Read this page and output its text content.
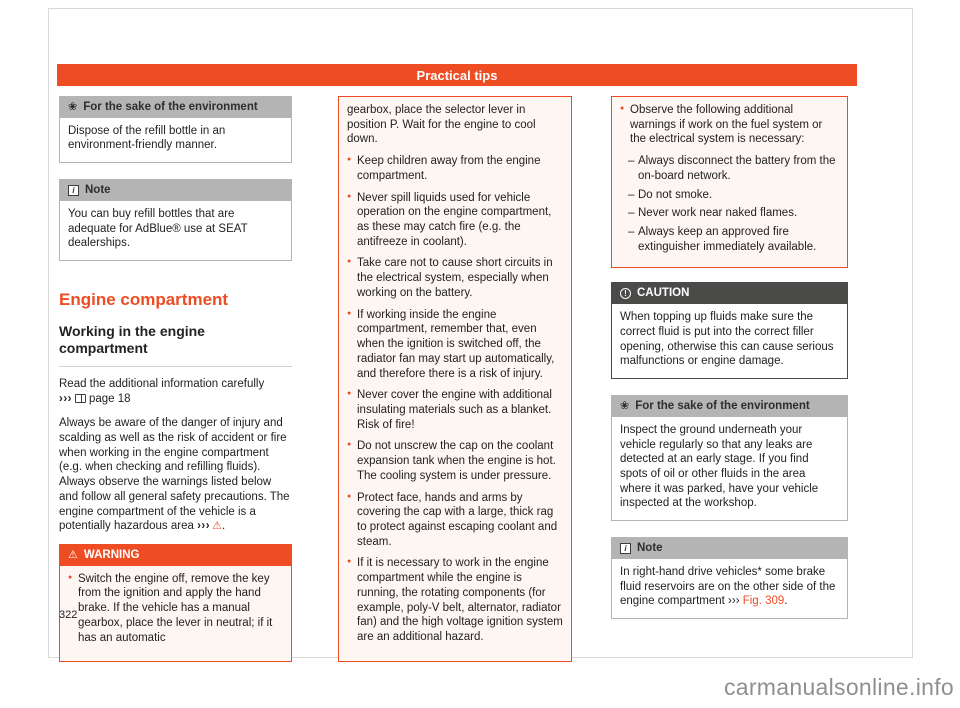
Practical tips
❀ For the sake of the environment
Dispose of the refill bottle in an environment-friendly manner.
i Note
You can buy refill bottles that are adequate for AdBlue® use at SEAT dealerships.
Engine compartment
Working in the engine compartment

Read the additional information carefully
››› page 18

Always be aware of the danger of injury and scalding as well as the risk of accident or fire when working in the engine compartment (e.g. when checking and refilling fluids). Always observe the warnings listed below and follow all general safety precautions. The engine compartment of the vehicle is a potentially hazardous area ››› ⚠.

⚠ WARNING
● Switch the engine off, remove the key from the ignition and apply the hand brake. If the vehicle has a manual gearbox, place the lever in neutral; if it has an automatic

gearbox, place the selector lever in position P. Wait for the engine to cool down.

● Keep children away from the engine compartment.
● Never spill liquids used for vehicle operation on the engine compartment, as these may catch fire (e.g. the antifreeze in coolant).
● Take care not to cause short circuits in the electrical system, especially when working on the battery.
● If working inside the engine compartment, remember that, even when the ignition is switched off, the radiator fan may start up automatically, and therefore there is a risk of injury.
● Never cover the engine with additional insulating materials such as a blanket. Risk of fire!
● Do not unscrew the cap on the coolant expansion tank when the engine is hot. The cooling system is under pressure.
● Protect face, hands and arms by covering the cap with a large, thick rag to protect against escaping coolant and steam.
● If it is necessary to work in the engine compartment while the engine is running, the rotating components (for example, poly-V belt, alternator, radiator fan) and the high voltage ignition system are an additional hazard.
● Observe the following additional warnings if work on the fuel system or the electrical system is necessary:
– Always disconnect the battery from the on-board network.
– Do not smoke.
– Never work near naked flames.
– Always keep an approved fire extinguisher immediately available.
! CAUTION
When topping up fluids make sure the correct fluid is put into the correct filler opening, otherwise this can cause serious malfunctions or engine damage.
❀ For the sake of the environment
Inspect the ground underneath your vehicle regularly so that any leaks are detected at an early stage. If you find spots of oil or other fluids in the area where it was parked, have your vehicle inspected at the workshop.
i Note
In right-hand drive vehicles* some brake fluid reservoirs are on the other side of the engine compartment ››› Fig. 309.
322
carmanualsonline.info
